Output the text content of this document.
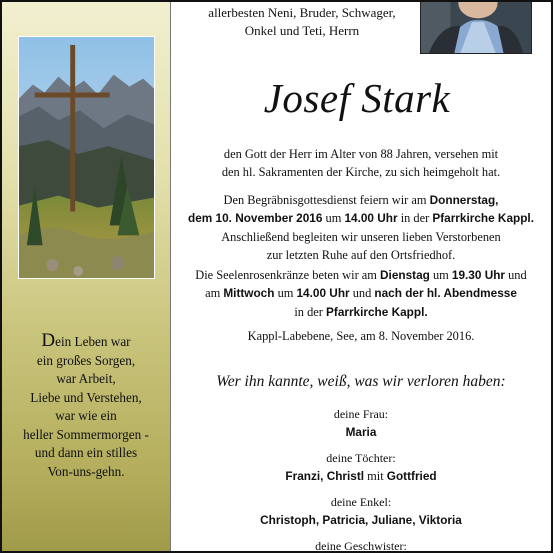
Dein Leben war
ein großes Sorgen,
war Arbeit,
Liebe und Verstehen,
war wie ein
heller Sommermorgen -
und dann ein stilles
Von-uns-gehn.
allerbesten Neni, Bruder, Schwager,
Onkel und Teti, Herrn
Josef Stark
den Gott der Herr im Alter von 88 Jahren, versehen mit
den hl. Sakramenten der Kirche, zu sich heimgeholt hat.
Den Begräbnisgottesdienst feiern wir am Donnerstag,
dem 10. November 2016 um 14.00 Uhr in der Pfarrkirche Kappl.
Anschließend begleiten wir unseren lieben Verstorbenen
zur letzten Ruhe auf den Ortsfriedhof.
Die Seelenrosenkränze beten wir am Dienstag um 19.30 Uhr und
am Mittwoch um 14.00 Uhr und nach der hl. Abendmesse
in der Pfarrkirche Kappl.
Kappl-Labebene, See, am 8. November 2016.
Wer ihn kannte, weiß, was wir verloren haben:
deine Frau:
Maria
deine Töchter:
Franzi, Christl mit Gottfried
deine Enkel:
Christoph, Patricia, Juliane, Viktoria
deine Geschwister:
